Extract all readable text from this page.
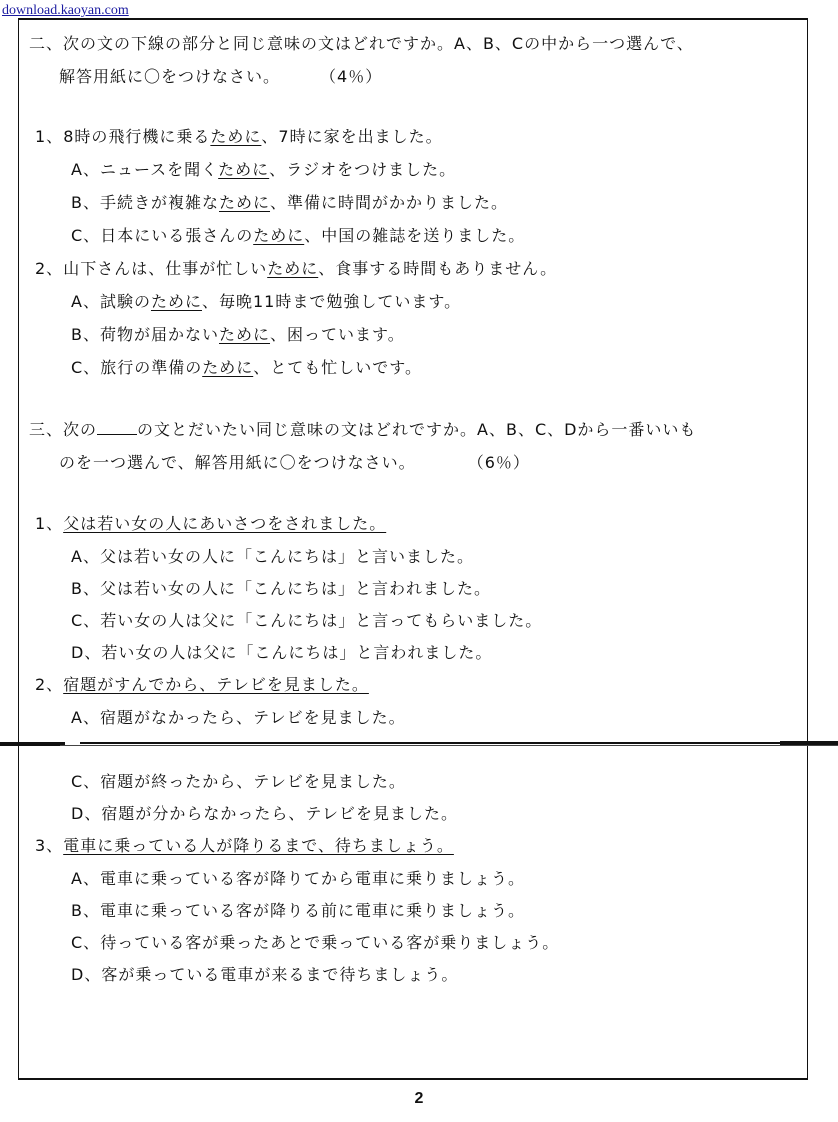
download.kaoyan.com
二、次の文の下線の部分と同じ意味の文はどれですか。A、B、Cの中から一つ選んで、
解答用紙に〇をつけなさい。	（4％）
1、8時の飛行機に乗るために、7時に家を出ました。
A、ニュースを聞くために、ラジオをつけました。
B、手続きが複雑なために、準備に時間がかかりました。
C、日本にいる張さんのために、中国の雑誌を送りました。
2、山下さんは、仕事が忙しいために、食事する時間もありません。
A、試験のために、毎晩11時まで勉強しています。
B、荷物が届かないために、困っています。
C、旅行の準備のために、とても忙しいです。
三、次の	の文とだいたい同じ意味の文はどれですか。A、B、C、Dから一番いいも
のを一つ選んで、解答用紙に〇をつけなさい。	（6％）
1、父は若い女の人にあいさつをされました。
A、父は若い女の人に「こんにちは」と言いました。
B、父は若い女の人に「こんにちは」と言われました。
C、若い女の人は父に「こんにちは」と言ってもらいました。
D、若い女の人は父に「こんにちは」と言われました。
2、宿題がすんでから、テレビを見ました。
A、宿題がなかったら、テレビを見ました。
C、宿題が終ったから、テレビを見ました。
D、宿題が分からなかったら、テレビを見ました。
3、電車に乗っている人が降りるまで、待ちましょう。
A、電車に乗っている客が降りてから電車に乗りましょう。
B、電車に乗っている客が降りる前に電車に乗りましょう。
C、待っている客が乗ったあとで乗っている客が乗りましょう。
D、客が乗っている電車が来るまで待ちましょう。
2
